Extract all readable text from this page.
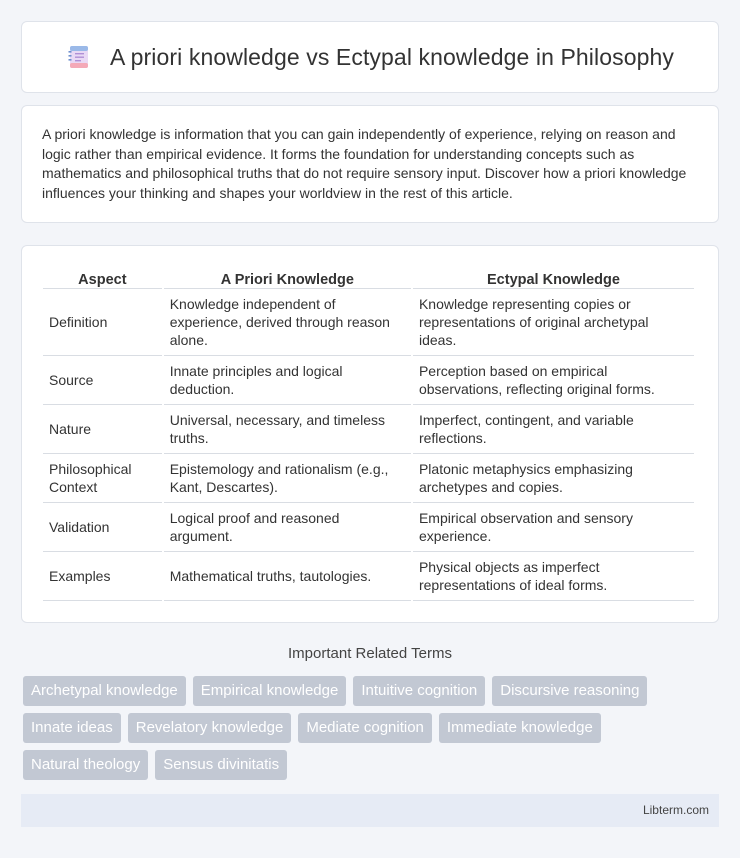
A priori knowledge vs Ectypal knowledge in Philosophy

A priori knowledge is information that you can gain independently of experience, relying on reason and logic rather than empirical evidence. It forms the foundation for understanding concepts such as mathematics and philosophical truths that do not require sensory input. Discover how a priori knowledge influences your thinking and shapes your worldview in the rest of this article.

Aspect	A Priori Knowledge	Ectypal Knowledge
Definition	Knowledge independent of experience, derived through reason alone.	Knowledge representing copies or representations of original archetypal ideas.
Source	Innate principles and logical deduction.	Perception based on empirical observations, reflecting original forms.
Nature	Universal, necessary, and timeless truths.	Imperfect, contingent, and variable reflections.
Philosophical Context	Epistemology and rationalism (e.g., Kant, Descartes).	Platonic metaphysics emphasizing archetypes and copies.
Validation	Logical proof and reasoned argument.	Empirical observation and sensory experience.
Examples	Mathematical truths, tautologies.	Physical objects as imperfect representations of ideal forms.
Important Related Terms
Archetypal knowledge	Empirical knowledge	Intuitive cognition	Discursive reasoning
Innate ideas	Revelatory knowledge	Mediate cognition	Immediate knowledge
Natural theology	Sensus divinitatis
Libterm.com
